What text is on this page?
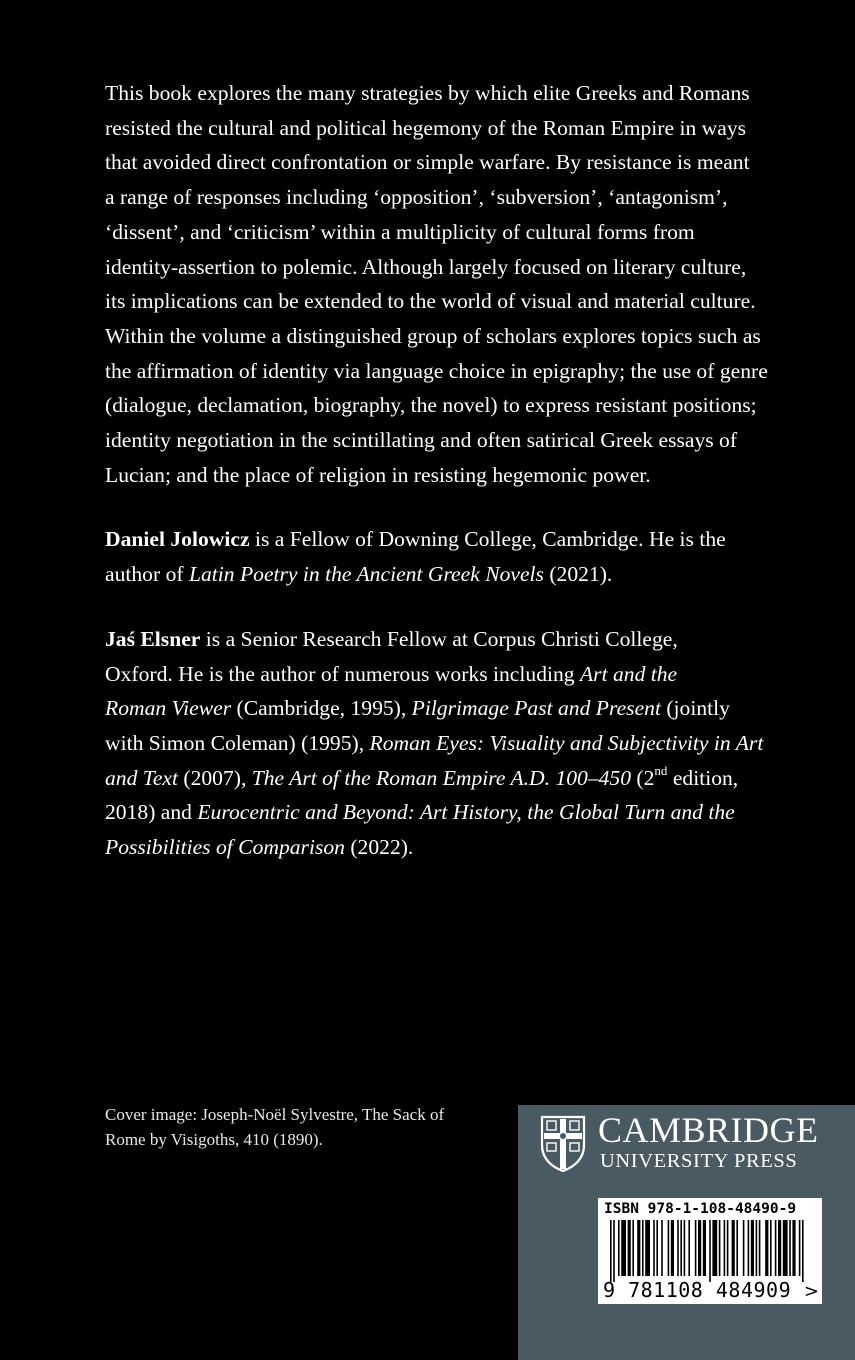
This book explores the many strategies by which elite Greeks and Romans

resisted the cultural and political hegemony of the Roman Empire in ways

that avoided direct confrontation or simple warfare. By resistance is meant

a range of responses including ‘opposition’, ‘subversion’, ‘antagonism’,

‘dissent’, and ‘criticism’ within a multiplicity of cultural forms from

identity-assertion to polemic. Although largely focused on literary culture,

its implications can be extended to the world of visual and material culture.

Within the volume a distinguished group of scholars explores topics such as

the affirmation of identity via language choice in epigraphy; the use of genre

(dialogue, declamation, biography, the novel) to express resistant positions;

identity negotiation in the scintillating and often satirical Greek essays of

Lucian; and the place of religion in resisting hegemonic power.

Daniel Jolowicz is a Fellow of Downing College, Cambridge. He is the

author of Latin Poetry in the Ancient Greek Novels (2021).

Jaś Elsner is a Senior Research Fellow at Corpus Christi College,

Oxford. He is the author of numerous works including Art and the

Roman Viewer (Cambridge, 1995), Pilgrimage Past and Present (jointly

with Simon Coleman) (1995), Roman Eyes: Visuality and Subjectivity in Art

and Text (2007), The Art of the Roman Empire A.D. 100–450 (2nd edition,

2018) and Eurocentric and Beyond: Art History, the Global Turn and the

Possibilities of Comparison (2022).

Cover image: Joseph-Noël Sylvestre, The Sack of
Rome by Visigoths, 410 (1890).	CAMBRIDGE
UNIVERSITY PRESS
ISBN 978-1-108-48490-9
9 781108 484909 >
